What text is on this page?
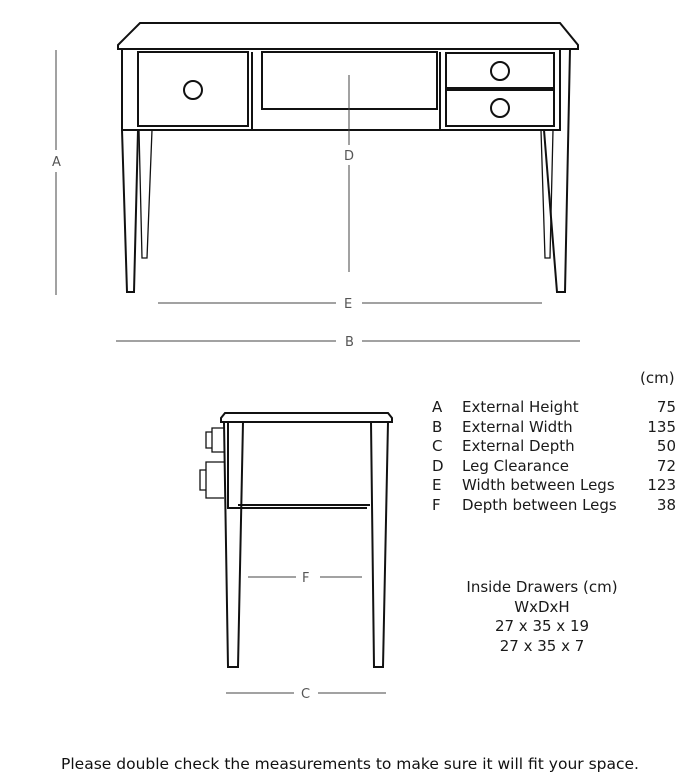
A	D
E
B
F
C
(cm)
A	External Height	75
B	External Width	135
C	External Depth	50
D	Leg Clearance	72
E	Width between Legs	123
F	Depth between Legs	38
Inside Drawers (cm)
WxDxH
27 x 35 x 19
27 x 35 x 7
Please double check the measurements to make sure it will fit your space.
